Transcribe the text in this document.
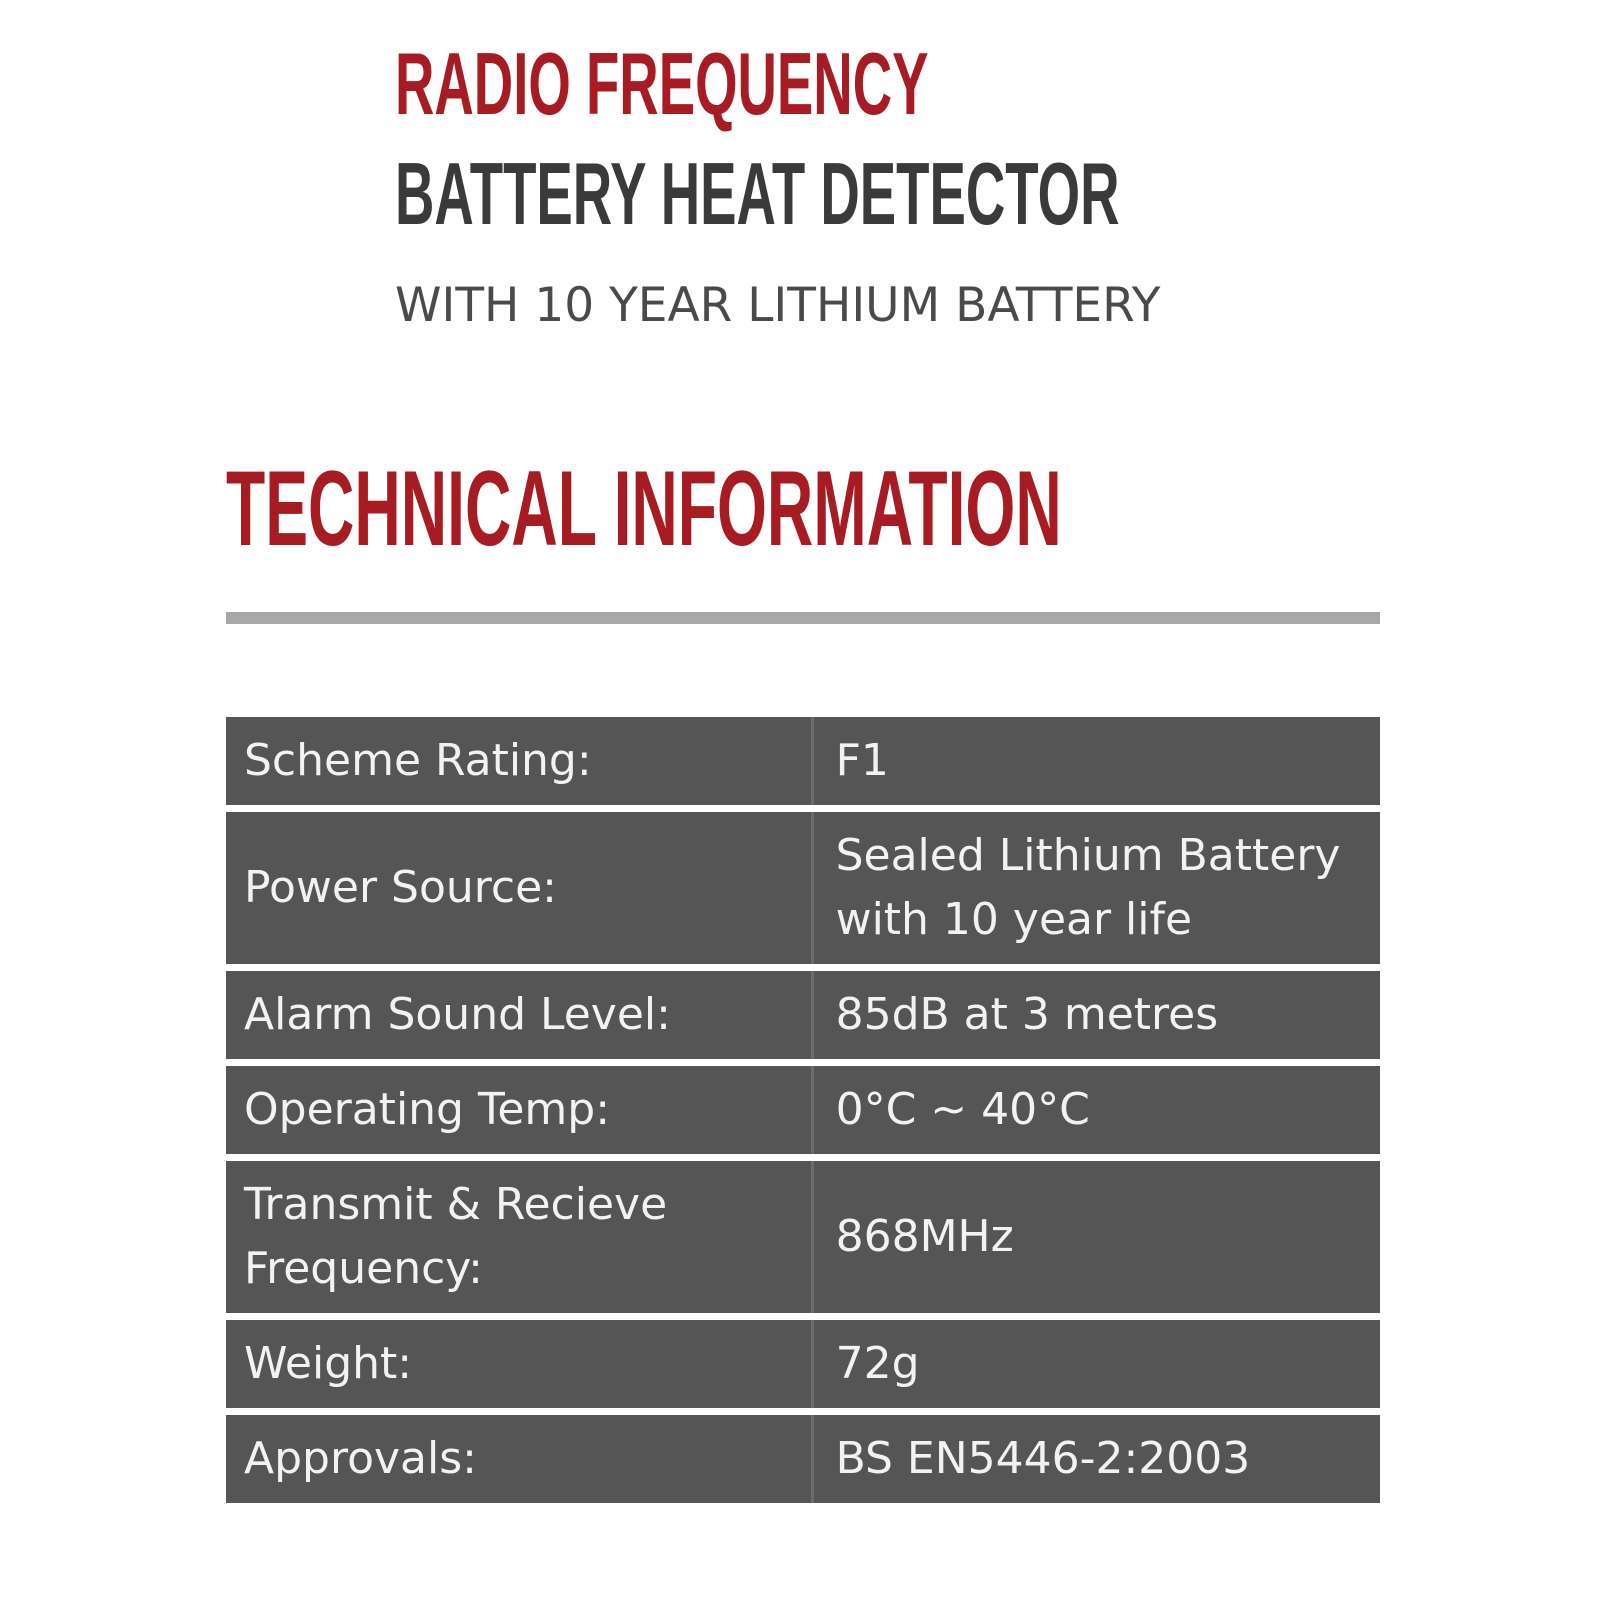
RADIO FREQUENCY
BATTERY HEAT DETECTOR
WITH 10 YEAR LITHIUM BATTERY
TECHNICAL INFORMATION
Scheme Rating:	F1
Power Source:	Sealed Lithium Battery with 10 year life
Alarm Sound Level:	85dB at 3 metres
Operating Temp:	0°C ~ 40°C
Transmit & Recieve Frequency:	868MHz
Weight:	72g
Approvals:	BS EN5446-2:2003
